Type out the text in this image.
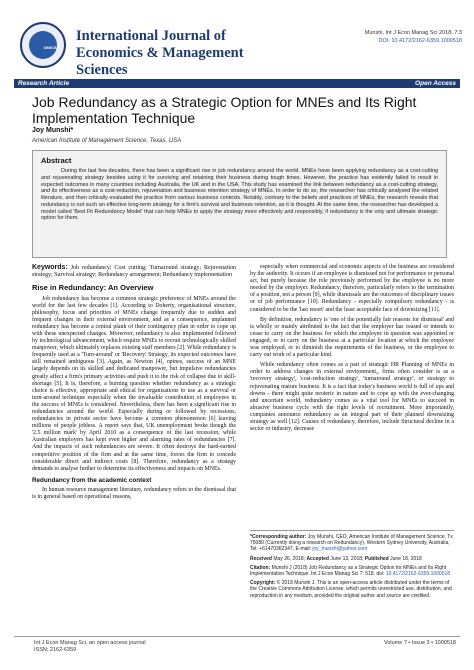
OMICS
International Journal of Economics & Management Sciences
Munshi, Int J Econ Manag Sci 2018, 7:3
DOI: 10.4172/2162-6359.1000518
Research Article	Open Access
Job Redundancy as a Strategic Option for MNEs and Its Right Implementation Technique
Joy Munshi*
American Institute of Management Science, Texas, USA
Abstract

During the last few decades, there has been a significant rise in job redundancy around the world. MNEs have been applying redundancy as a cost-cutting and rejuvenating strategy besides using it for surviving and retaining their business during tough times. However, the practice has evidently failed to result in expected outcomes in many countries including Australia, the UK and in the USA. This study has examined the link between redundancy as a cost-cutting strategy, and its effectiveness as a cost-reduction, rejuvenation and business retention strategy of MNEs. In order to do so, the researcher has critically analysed the related literature, and then critically evaluated the practice from various business contexts. Notably, contrary to the beliefs and practices of MNEs, the research reveals that redundancy is not such an effective long-term strategy for a firm's survival and business retention, as it is thought. At the same time, the researcher has developed a model called 'Best Fit Redundancy Model' that can help MNEs to apply the strategy more effectively and responsibly, if redundancy is the only and ultimate strategic option for them.

Keywords: Job redundancy; Cost cutting; Turnaround strategy; Rejuvenation strategy; Survival strategy; Redundancy arrangement; Redundancy implementation

Rise in Redundancy: An Overview

Job redundancy has become a common strategic preference of MNEs around the world for the last few decades [1]. According to Doherty, organisational structure, philosophy, focus and priorities of MNEs change frequently due to sudden and frequent changes in their external environment, and as a consequence, unplanned redundancy has become a central plank of their contingency plan in order to cope up with these unexpected changes. Moreover, redundancy is also implemented followed by technological advancement, which require MNEs to recruit technologically skilled manpower, which ultimately replaces existing staff members [2]. While redundancy is frequently used as a 'Turn-around' or 'Recovery' Strategy, its expected outcomes have still remained ambiguous [3]. Again, as Newton [4], opines, success of an MNE largely depends on its skilled and dedicated manpower, but impulsive redundancies greatly affect a firm's primary activities and push it to the risk of collapse due to skill-shortage [5]. It is, therefore, a burning question whether redundancy as a strategic choice is effective, appropriate and ethical for organisations to use as a survival or turn-around technique especially when the invaluable contribution of employees in the success of MNEs is considered. Nevertheless, there has been a significant rise in redundancies around the world. Especially during or followed by recessions, redundancies in private sector have become a common phenomenon [6] leaving millions of people jobless. A report says that, UK unemployment broke though the '2.5 million mark' by April 2010 as a consequence of the last recession, while Australian employers has kept even higher and alarming rates of redundancies [7]. And the impacts of such redundancies are severe. It often destroys the hard-earned competitive position of the firm and at the same time, forces the firm to concede considerable direct and indirect costs [8]. Therefore, redundancy as a strategy demands to analyse further to determine its effectiveness and impacts on MNEs.

Redundancy from the academic context

In human resource management literature, redundancy refers to the dismissal that is in general based on operational reasons,

especially when commercial and economic aspects of the business are considered by the authority. It occurs if an employee is dismissed not for performance or personal act, but purely because the role previously performed by the employee is no more needed by the employer. Redundancy, therefore, particularly refers to the termination of a position, not a person [9], while dismissals are the outcomes of disciplinary issues or of job performance [10]. Redundancy - especially compulsory redundancy - is considered to be the 'last resort' and the least acceptable face of downsizing [11].

By definition, redundancy is 'one of the potentially fair reasons for dismissal' and is wholly or mainly attributed to the fact that the employer has ceased or intends to cease to carry on the business for which the employee in question was appointed or engaged, or to carry on the business at a particular location at which the employee was employed, or to diminish the requirements of the business, or the employee to carry out work of a particular kind.

While redundancy often comes as a part of strategic HR Planning of MNEs in order to address changes in external environment,, firms often consider is as a 'recovery strategy', 'cost-reduction strategy', 'turnaround strategy', or strategy to rejuvenating mature business. It is a fact that today's business world is full of ups and downs - there might quite neoteric in nature and to cope up with the ever-changing and uncertain world, redundancy comes as a vital tool for MNEs to succeed in abrasive business cycle with the right levels of recruitment. More importantly, companies announce redundancy as an integral part of their planned downsizing strategy as well [12]. Causes of redundancy, therefore, include Structural decline in a sector or industry, decrease

*Corresponding author: Joy Munshi, CEO, American Institute of Management Science, Tx 75080 (Currently doing a research on Redundancy), Western Sydney University, Australia, Tel: +61470362347, E-mail: joy_munshi@yahoo.com

Received May 26, 2018; Accepted June 13, 2018; Published June 18, 2018

Citation: Munshi J (2018) Job Redundancy as a Strategic Option for MNEs and Its Right Implementation Technique. Int J Econ Manag Sci 7: 518. doi: 10.4172/2162-6359.1000518

Copyright: © 2018 Munshi J. This is an open-access article distributed under the terms of the Creative Commons Attribution License, which permits unrestricted use, distribution, and reproduction in any medium, provided the original author and source are credited.

Int J Econ Manag Sci, an open access journal
ISSN: 2162-6359
Volume 7 • Issue 3 • 1000518
